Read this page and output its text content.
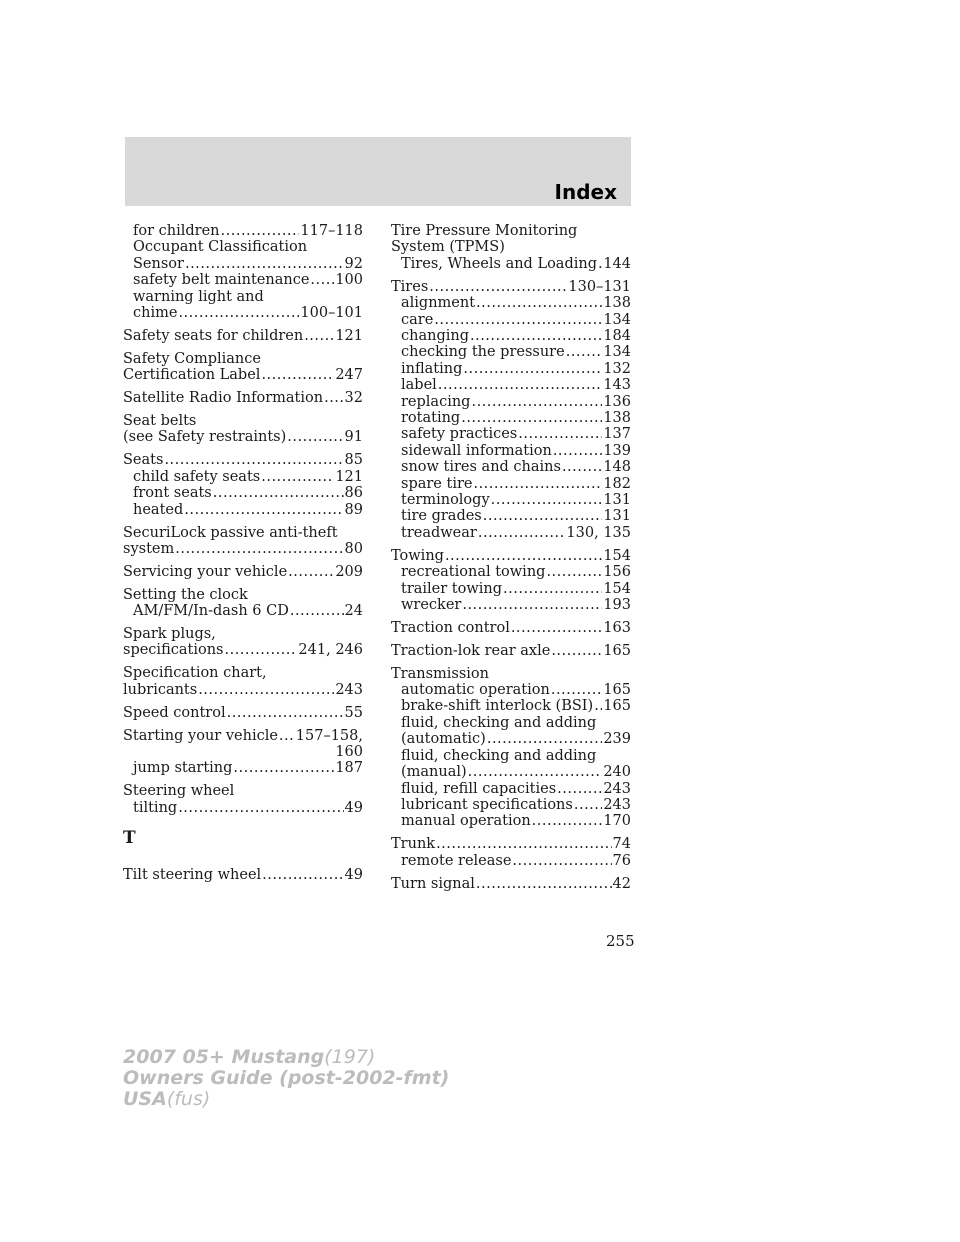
Index
for children .....	117–118
Occupant Classification
Sensor .....	92
safety belt maintenance ..... 100
warning light and
chime .....	100–101
Safety seats for children ..... 121
Safety Compliance
Certification Label .....	247
Satellite Radio Information ..... 32
Seat belts
(see Safety restraints) .....	91
Seats .....	85
child safety seats .....	121
front seats .....	86
heated .....	89
SecuriLock passive anti-theft
system .....	80
Servicing your vehicle .....	209
Setting the clock
AM/FM/In-dash 6 CD .....	24
Spark plugs,
specifications .....	241, 246
Specification chart,
lubricants .....	243
Speed control .....	55
Starting your vehicle ..... 157–158,
160
jump starting .....	187
Steering wheel
tilting .....	49
T
Tilt steering wheel .....	49
Tire Pressure Monitoring
System (TPMS)
Tires, Wheels and Loading ..... 144
Tires .....	130–131
alignment .....	138
care .....	134
changing .....	184
checking the pressure .....	134
inflating .....	132
label .....	143
replacing .....	136
rotating .....	138
safety practices .....	137
sidewall information .....	139
snow tires and chains .....	148
spare tire .....	182
terminology .....	131
tire grades .....	131
treadwear .....	130, 135
Towing .....	154
recreational towing .....	156
trailer towing .....	154
wrecker .....	193
Traction control .....	163
Traction-lok rear axle .....	165
Transmission
automatic operation .....	165
brake-shift interlock (BSI) ..... 165
fluid, checking and adding
(automatic) .....	239
fluid, checking and adding
(manual) .....	240
fluid, refill capacities .....	243
lubricant specifications ..... 243
manual operation .....	170
Trunk .....	74
remote release .....	76
Turn signal .....	42
255
2007 05+ Mustang(197)
Owners Guide (post-2002-fmt)
USA(fus)
